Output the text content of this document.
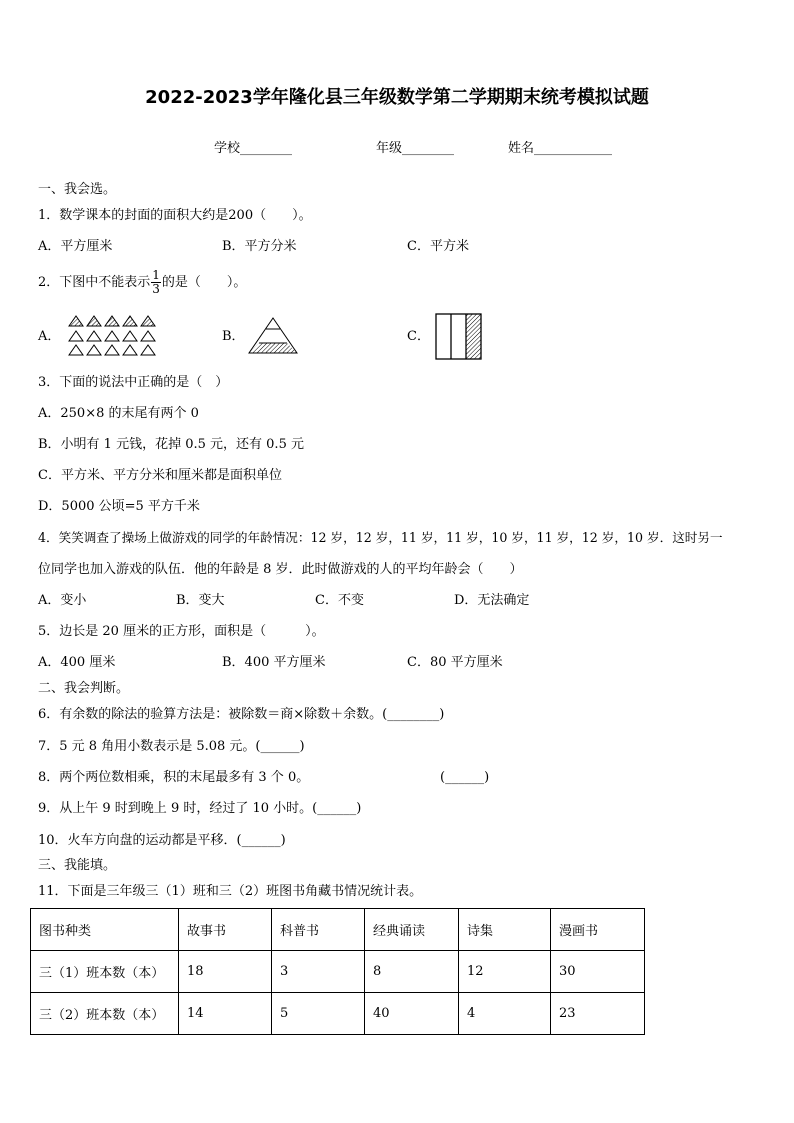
2022-2023学年隆化县三年级数学第二学期期末统考模拟试题
学校________	年级________	姓名____________
一、我会选。
1．数学课本的封面的面积大约是200（　　）。
A．平方厘米	B．平方分米	C．平方米
2．下图中不能表示 $\frac{1}{3}$ 的是（　　）。
A．	B．	C．
3．下面的说法中正确的是（　）
A．250×8 的末尾有两个 0
B．小明有 1 元钱，花掉 0.5 元，还有 0.5 元
C．平方米、平方分米和厘米都是面积单位
D．5000 公顷=5 平方千米
4．笑笑调查了操场上做游戏的同学的年龄情况：12 岁，12 岁，11 岁，11 岁，10 岁，11 岁，12 岁，10 岁．这时另一
位同学也加入游戏的队伍．他的年龄是 8 岁．此时做游戏的人的平均年龄会（　　）
A．变小	B．变大	C．不变	D．无法确定
5．边长是 20 厘米的正方形，面积是（　　　）。
A．400 厘米	B．400 平方厘米	C．80 平方厘米
二、我会判断。
6．有余数的除法的验算方法是：被除数＝商×除数＋余数。(________)
7．5 元 8 角用小数表示是 5.08 元。(______)
8．两个两位数相乘，积的末尾最多有 3 个 0。	(______)
9．从上午 9 时到晚上 9 时，经过了 10 小时。(______)
10．火车方向盘的运动都是平移．(______)
三、我能填。
11．下面是三年级三（1）班和三（2）班图书角藏书情况统计表。
图书种类	故事书	科普书	经典诵读	诗集	漫画书
三（1）班本数（本）	18	3	8	12	30
三（2）班本数（本）	14	5	40	4	23
